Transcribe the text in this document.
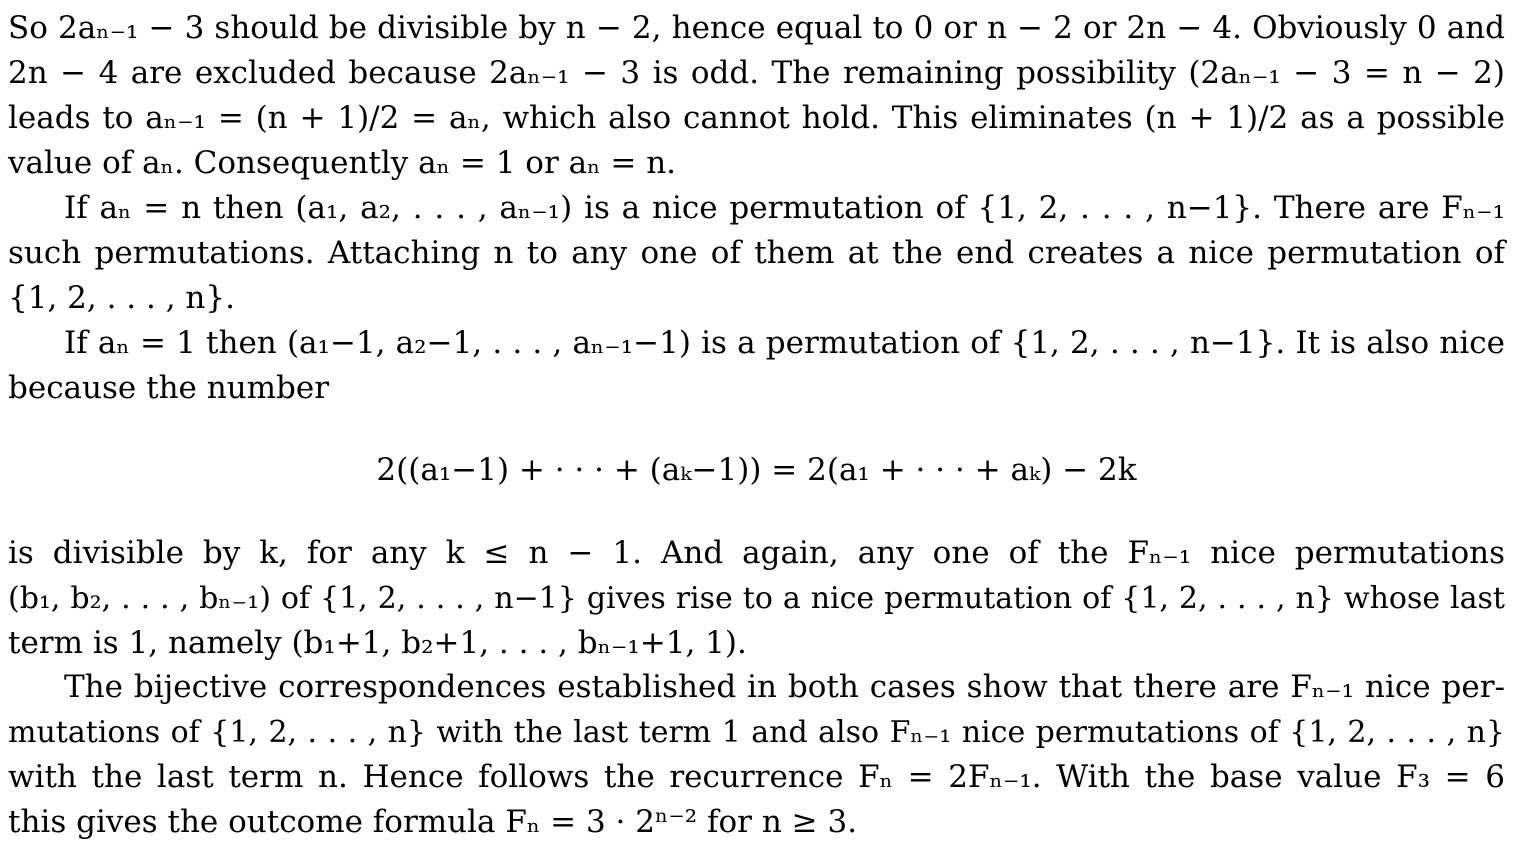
So 2aₙ₋₁ − 3 should be divisible by n − 2, hence equal to 0 or n − 2 or 2n − 4. Obviously 0 and
2n − 4 are excluded because 2aₙ₋₁ − 3 is odd. The remaining possibility (2aₙ₋₁ − 3 = n − 2)
leads to aₙ₋₁ = (n + 1)/2 = aₙ, which also cannot hold. This eliminates (n + 1)/2 as a possible
value of aₙ. Consequently aₙ = 1 or aₙ = n.
If aₙ = n then (a₁, a₂, . . . , aₙ₋₁) is a nice permutation of {1, 2, . . . , n−1}. There are Fₙ₋₁
such permutations. Attaching n to any one of them at the end creates a nice permutation of
{1, 2, . . . , n}.
If aₙ = 1 then (a₁−1, a₂−1, . . . , aₙ₋₁−1) is a permutation of {1, 2, . . . , n−1}. It is also nice
because the number
2((a₁−1) + · · · + (aₖ−1)) = 2(a₁ + · · · + aₖ) − 2k
is divisible by k, for any k ≤ n − 1. And again, any one of the Fₙ₋₁ nice permutations
(b₁, b₂, . . . , bₙ₋₁) of {1, 2, . . . , n−1} gives rise to a nice permutation of {1, 2, . . . , n} whose last
term is 1, namely (b₁+1, b₂+1, . . . , bₙ₋₁+1, 1).
The bijective correspondences established in both cases show that there are Fₙ₋₁ nice per-
mutations of {1, 2, . . . , n} with the last term 1 and also Fₙ₋₁ nice permutations of {1, 2, . . . , n}
with the last term n. Hence follows the recurrence Fₙ = 2Fₙ₋₁. With the base value F₃ = 6
this gives the outcome formula Fₙ = 3 · 2ⁿ⁻² for n ≥ 3.
